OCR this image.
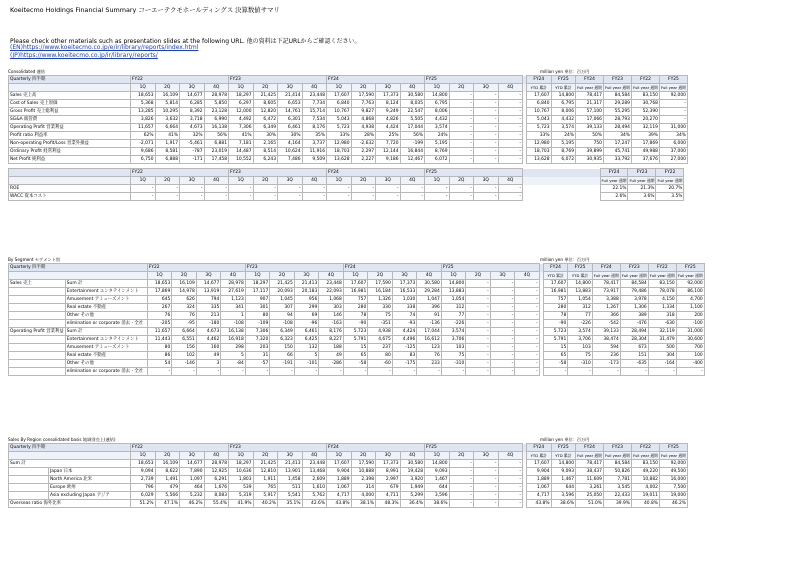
Koeitecmo Holdings Financial Summary コーエーテクモホールディングス 決算数値サマリ
Please check other materials such as presentation slides at the following URL. 他の資料は下記URLからご確認ください。
(EN)https://www.koeitecmo.co.jp/e/ir/library/reports/index.html
(JP)https://www.koeitecmo.co.jp/ir/library/reports/
Consolidated 連結	million yen 単位：百万円
Quarterly 四半期	FY22				FY23				FY24				FY25					FY24	FY25	FY24	FY23	FY22	FY25
	1Q	2Q	3Q	4Q	1Q	2Q	3Q	4Q	1Q	2Q	3Q	4Q	1Q	2Q	3Q	4Q		YTD 累計	YTD 累計	Full year 通期	Full year 通期	Full year 通期	Full year 通期
Sales 売上高	18,653	16,109	14,677	28,978	18,297	21,425	21,414	23,448	17,607	17,590	17,373	30,580	14,800	-	-	-		17,607	14,800	78,417	84,584	83,150	92,000
Cost of Sales 売上原価	5,368	5,814	6,285	5,850	6,297	8,605	6,653	7,734	6,840	7,763	8,124	8,035	6,795	-	-	-		6,840	6,795	21,317	29,289	30,768	-
Gross Profit 売上総利益	13,285	10,295	8,392	23,128	12,000	12,820	14,761	15,714	10,767	9,827	9,249	22,547	8,006	-	-	-		10,767	8,006	57,100	55,295	52,390	-
SG&A 販管費	3,826	3,632	3,718	6,990	4,492	6,472	6,301	7,534	5,043	4,868	4,826	5,505	4,432	-	-	-		5,043	4,432	17,066	28,793	20,270	-
Operating Profit 営業利益	11,657	6,664	4,673	16,138	7,306	6,349	6,461	8,176	5,723	4,938	4,424	17,044	3,574	-	-	-		5,723	3,574	39,133	28,494	32,119	31,000
Profit ratio 利益率	62%	41%	32%	56%	41%	30%	30%	35%	33%	28%	25%	56%	24%	-	-	-		33%	24%	50%	34%	39%	34%
Non-operating Profit/Loss 営業外損益	-2,071	1,917	-5,461	6,881	7,181	2,165	4,164	3,737	12,980	-2,632	7,720	-199	5,195	-	-	-		12,980	5,195	750	17,247	17,869	6,000
Ordinary Profit 経常利益	9,686	8,581	-787	23,019	14,487	8,514	10,624	11,916	18,703	2,297	12,144	16,844	8,769	-	-	-		18,703	8,769	39,899	45,741	49,988	37,000
Net Profit 純利益	6,750	6,888	-171	17,458	10,552	6,243	7,486	9,509	13,628	2,227	9,186	12,467	6,072	-	-	-		13,628	6,072	30,935	33,792	37,676	27,000
	FY22				FY23				FY24				FY25								FY24	FY23	FY22
	1Q	2Q	3Q	4Q	1Q	2Q	3Q	4Q	1Q	2Q	3Q	4Q	1Q	2Q	3Q	4Q					Full year 通期	Full year 通期	Full year 通期
ROE	-	-	-	-	-	-	-	-	-	-	-	-	-	-	-	-					22.1%	21.3%	20.7%
WACC 資本コスト	-	-	-	-	-	-	-	-	-	-	-	-	-	-	-	-					2.6%	3.6%	3.5%
By Segment セグメント別	million yen 単位：百万円
Quarterly 四半期		FY22				FY23				FY24				FY25					FY24	FY25	FY24	FY23	FY22	FY25
		1Q	2Q	3Q	4Q	1Q	2Q	3Q	4Q	1Q	2Q	3Q	4Q	1Q	2Q	3Q	4Q		YTD 累計	YTD 累計	Full year 通期	Full year 通期	Full year 通期	Full year 通期
Sales 売上	Sum 計	18,653	16,109	14,677	28,978	18,297	21,425	21,413	23,448	17,607	17,590	17,373	30,580	14,800	-	-	-		17,607	14,800	78,417	84,584	83,150	92,000
	Entertainment エンタテインメント	17,869	14,978	13,919	27,619	17,117	20,093	20,183	22,093	16,981	16,184	16,533	29,284	13,883	-	-	-		16,981	13,883	73,917	79,486	78,078	86,100
	Amusement アミューズメント	645	626	794	1,123	907	1,045	956	1,068	757	1,326	1,030	1,047	1,054	-	-	-		757	1,054	3,388	3,978	4,150	4,700
	Real estate 不動産	267	324	335	341	301	307	299	303	280	330	338	396	312	-	-	-		280	312	1,267	1,306	1,334	1,100
	Other その他	76	76	213	1	80	94	69	146	78	75	74	91	77	-	-	-		78	77	366	389	318	200
	elimination or corporate 消去・全社	-205	-95	-180	-108	-109	-108	-96	-163	-90	-351	-93	-136	-226	-	-	-		-90	-226	-542	-476	-630	-100
Operating Profit 営業利益	Sum 計	11,657	6,664	4,673	16,138	7,306	6,349	6,461	8,176	5,723	4,938	4,424	17,044	3,574	-	-	-		5,723	3,574	39,133	28,494	32,119	31,000
	Entertainment エンタテインメント	11,443	6,551	4,462	16,918	7,320	6,323	6,425	8,227	5,791	4,675	4,496	16,612	3,706	-	-	-		5,791	3,706	38,474	28,304	31,479	30,600
	Amusement アミューズメント	80	156	160	298	203	150	132	188	15	237	-125	123	103	-	-	-		15	103	594	673	500	700
	Real estate 不動産	86	102	49	5	31	66	5	49	65	80	83	76	75	-	-	-		65	75	236	151	304	100
	Other その他	54	-146	3	-84	-57	-191	-101	-286	-58	-60	-175	233	-310	-	-	-		-58	-310	-173	-635	-164	-400
	elimination or corporate 消去・全社	-	-	-	-	-	-	-	-	-	-	-	-	-	-	-	-		-	-	-	-	-	-
Sales By Region consolidated basis 地域別売上(連結)	million yen 単位：百万円
Quarterly 四半期		FY22				FY23				FY24				FY25					FY24	FY25	FY24	FY23	FY22	FY25
		1Q	2Q	3Q	4Q	1Q	2Q	3Q	4Q	1Q	2Q	3Q	4Q	1Q	2Q	3Q	4Q		YTD 累計	YTD 累計	Full year 通期	Full year 通期	Full year 通期	Full year 通期
Sum 計		18,653	16,109	14,677	28,978	18,297	21,425	21,413	23,448	17,607	17,590	17,373	30,580	14,800	-	-	-		17,607	14,800	78,417	84,584	83,150	92,000
	Japan 日本	9,094	8,622	7,890	12,925	10,636	12,810	13,901	13,468	9,904	10,888	8,991	19,428	9,093	-	-	-		9,904	9,093	38,437	50,826	49,220	49,500
	North America 北米	2,739	1,491	1,097	6,291	1,803	1,911	1,458	2,609	1,889	2,398	2,997	3,920	1,467	-	-	-		1,889	1,467	11,609	7,781	10,882	16,000
	Europe 欧州	796	479	464	1,676	539	765	511	1,610	1,067	314	679	1,949	644	-	-	-		1,067	644	3,261	3,545	4,002	7,500
	Asia excluding Japan アジア	6,029	5,566	5,232	8,083	5,319	5,917	5,541	5,762	4,717	4,000	4,711	5,299	3,596	-	-	-		4,717	3,596	25,050	22,433	19,011	19,000
Overseas ratio 海外比率		51.2%	47.1%	46.2%	55.4%	41.9%	40.2%	35.1%	42.6%	43.8%	38.1%	48.3%	36.4%	38.6%	-	-	-		43.8%	38.6%	51.0%	39.9%	40.8%	46.2%
